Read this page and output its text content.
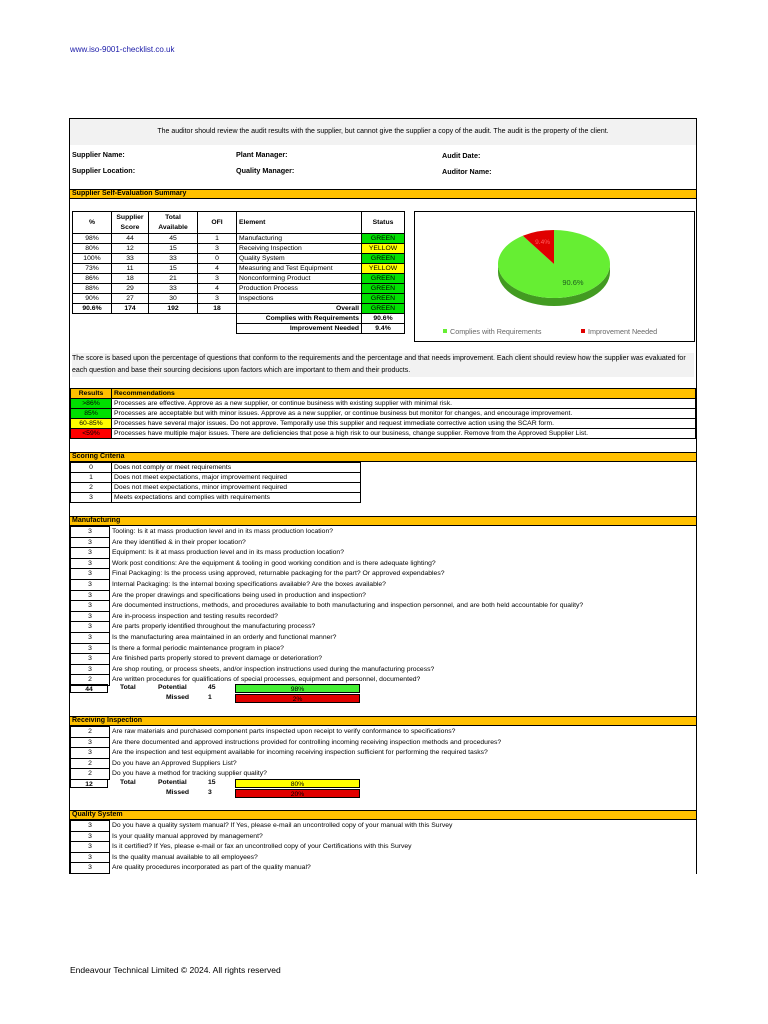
www.iso-9001-checklist.co.uk
The auditor should review the audit results with the supplier, but cannot give the supplier a copy of the audit. The audit is the property of the client.
Supplier Name:	Plant Manager:	Audit Date:
Supplier Location:	Quality Manager:	Auditor Name:
Supplier Self-Evaluation Summary
%	Supplier Score	Total Available	OFI	Element	Status
98%	44	45	1	Manufacturing	GREEN
80%	12	15	3	Receiving Inspection	YELLOW
100%	33	33	0	Quality System	GREEN
73%	11	15	4	Measuring and Test Equipment	YELLOW
86%	18	21	3	Nonconforming Product	GREEN
88%	29	33	4	Production Process	GREEN
90%	27	30	3	Inspections	GREEN
90.6%	174	192	18	Overall	GREEN
				Complies with Requirements	90.6%
				Improvement Needed	9.4%
90.6%
9.4%
Complies with Requirements	Improvement Needed
The score is based upon the percentage of questions that conform to the requirements and the percentage and that needs improvement. Each client should review how the supplier was evaluated for each question and base their sourcing decisions upon factors which are important to them and their products.
Results	Recommendations
>86%	Processes are effective. Approve as a new supplier, or continue business with existing supplier with minimal risk.
85%	Processes are acceptable but with minor issues. Approve as a new supplier, or continue business but monitor for changes, and encourage improvement.
60-85%	Processes have several major issues. Do not approve. Temporally use this supplier and request immediate corrective action using the SCAR form.
<59%	Processes have multiple major issues. There are deficiencies that pose a high risk to our business, change supplier. Remove from the Approved Supplier List.
Scoring Criteria
0	Does not comply or meet requirements
1	Does not meet expectations, major improvement required
2	Does not meet expectations, minor improvement required
3	Meets expectations and complies with requirements
Manufacturing
3	Tooling: Is it at mass production level and in its mass production location?
3	Are they identified & in their proper location?
3	Equipment: Is it at mass production level and in its mass production location?
3	Work post conditions: Are the equipment & tooling in good working condition and is there adequate lighting?
3	Final Packaging: Is the process using approved, returnable packaging for the part? Or approved expendables?
3	Internal Packaging: Is the internal boxing specifications available? Are the boxes available?
3	Are the proper drawings and specifications being used in production and inspection?
3	Are documented instructions, methods, and procedures available to both manufacturing and inspection personnel, and are both held accountable for quality?
3	Are in-process inspection and testing results recorded?
3	Are parts properly identified throughout the manufacturing process?
3	Is the manufacturing area maintained in an orderly and functional manner?
3	Is there a formal periodic maintenance program in place?
3	Are finished parts properly stored to prevent damage or deterioration?
3	Are shop routing, or process sheets, and/or inspection instructions used during the manufacturing process?
2	Are written procedures for qualifications of special processes, equipment and personnel, documented?
44	Total	Potential	45
Missed	1
98%
2%
Receiving Inspection
2	Are raw materials and purchased component parts inspected upon receipt to verify conformance to specifications?
3	Are there documented and approved instructions provided for controlling incoming receiving inspection methods and procedures?
3	Are the inspection and test equipment available for incoming receiving inspection sufficient for performing the required tasks?
2	Do you have an Approved Suppliers List?
2	Do you have a method for tracking supplier quality?
12	Total	Potential	15
Missed	3
80%
20%
Quality System
3	Do you have a quality system manual? If Yes, please e-mail an uncontrolled copy of your manual with this Survey
3	Is your quality manual approved by management?
3	Is it certified? If Yes, please e-mail or fax an uncontrolled copy of your Certifications with this Survey
3	Is the quality manual available to all employees?
3	Are quality procedures incorporated as part of the quality manual?
Endeavour Technical Limited © 2024. All rights reserved
